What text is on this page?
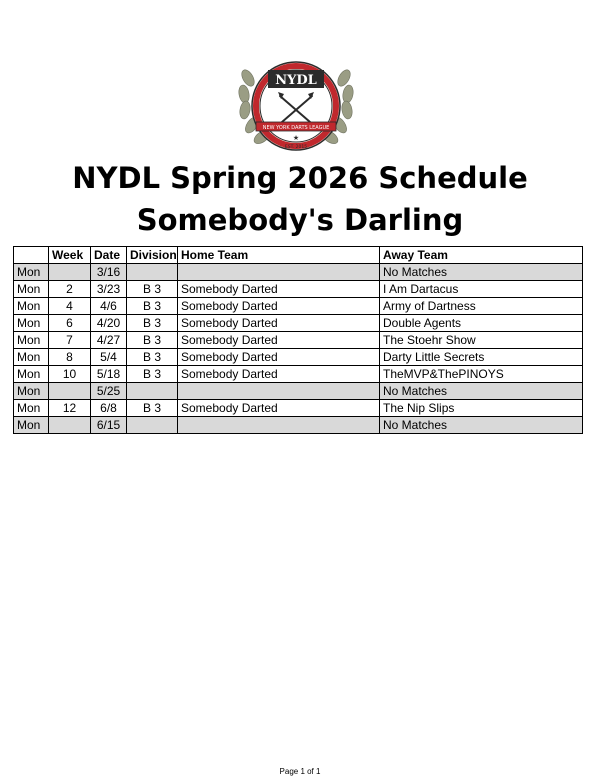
NYDL
NEW YORK DARTS LEAGUE
★
EST. 2015
NYDL Spring 2026 Schedule
Somebody's Darling
	Week	Date	Division	Home Team	Away Team
Mon		3/16			No Matches
Mon	2	3/23	B 3	Somebody Darted	I Am Dartacus
Mon	4	4/6	B 3	Somebody Darted	Army of Dartness
Mon	6	4/20	B 3	Somebody Darted	Double Agents
Mon	7	4/27	B 3	Somebody Darted	The Stoehr Show
Mon	8	5/4	B 3	Somebody Darted	Darty Little Secrets
Mon	10	5/18	B 3	Somebody Darted	TheMVP&ThePINOYS
Mon		5/25			No Matches
Mon	12	6/8	B 3	Somebody Darted	The Nip Slips
Mon		6/15			No Matches
Page 1 of 1
